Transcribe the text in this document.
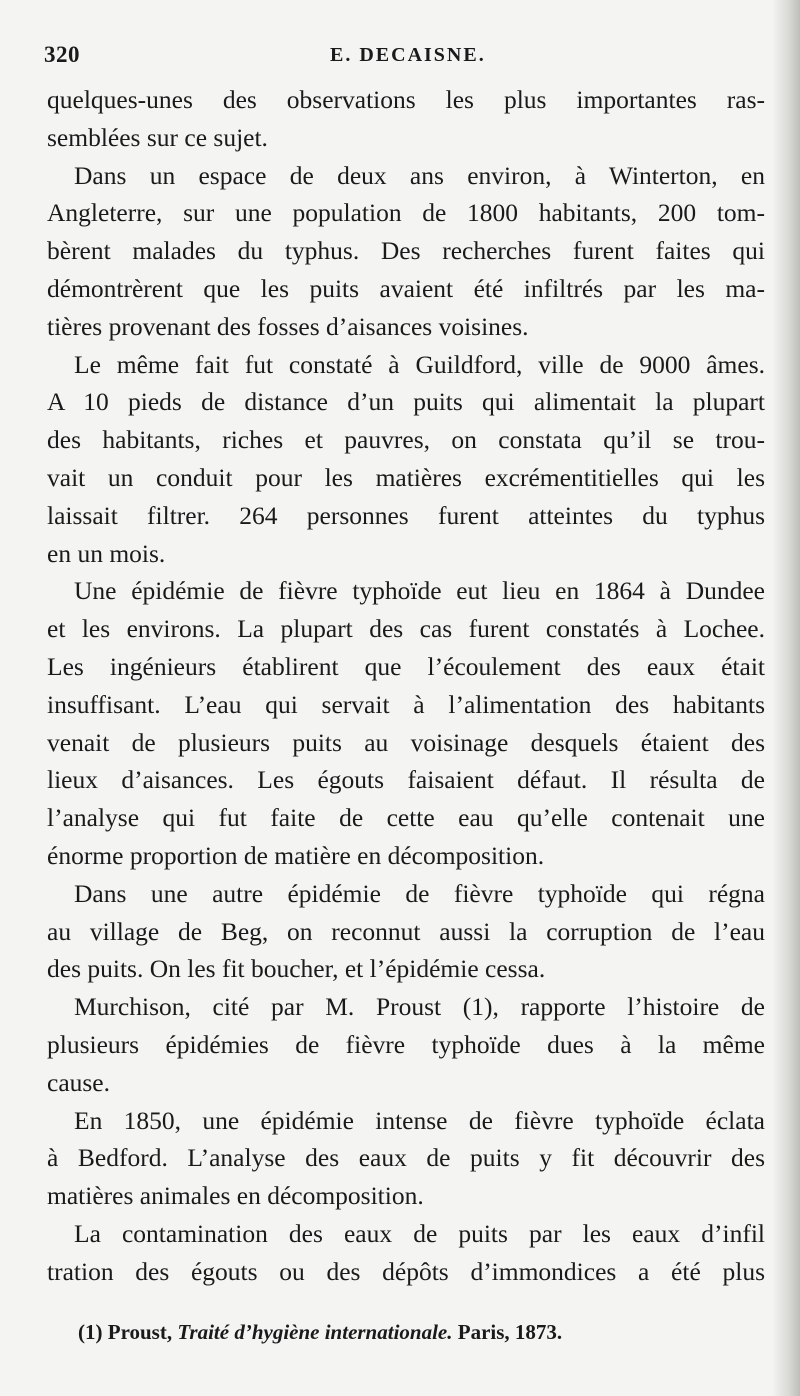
320	E. DECAISNE.
quelques-unes des observations les plus importantes ras-
semblées sur ce sujet.
Dans un espace de deux ans environ, à Winterton, en
Angleterre, sur une population de 1800 habitants, 200 tom-
bèrent malades du typhus. Des recherches furent faites qui
démontrèrent que les puits avaient été infiltrés par les ma-
tières provenant des fosses d’aisances voisines.
Le même fait fut constaté à Guildford, ville de 9000 âmes.
A 10 pieds de distance d’un puits qui alimentait la plupart
des habitants, riches et pauvres, on constata qu’il se trou-
vait un conduit pour les matières excrémentitielles qui les
laissait filtrer. 264 personnes furent atteintes du typhus
en un mois.
Une épidémie de fièvre typhoïde eut lieu en 1864 à Dundee
et les environs. La plupart des cas furent constatés à Lochee.
Les ingénieurs établirent que l’écoulement des eaux était
insuffisant. L’eau qui servait à l’alimentation des habitants
venait de plusieurs puits au voisinage desquels étaient des
lieux d’aisances. Les égouts faisaient défaut. Il résulta de
l’analyse qui fut faite de cette eau qu’elle contenait une
énorme proportion de matière en décomposition.
Dans une autre épidémie de fièvre typhoïde qui régna
au village de Beg, on reconnut aussi la corruption de l’eau
des puits. On les fit boucher, et l’épidémie cessa.
Murchison, cité par M. Proust (1), rapporte l’histoire de
plusieurs épidémies de fièvre typhoïde dues à la même
cause.
En 1850, une épidémie intense de fièvre typhoïde éclata
à Bedford. L’analyse des eaux de puits y fit découvrir des
matières animales en décomposition.
La contamination des eaux de puits par les eaux d’infil
tration des égouts ou des dépôts d’immondices a été plus
(1) Proust, Traité d’hygiène internationale. Paris, 1873.
